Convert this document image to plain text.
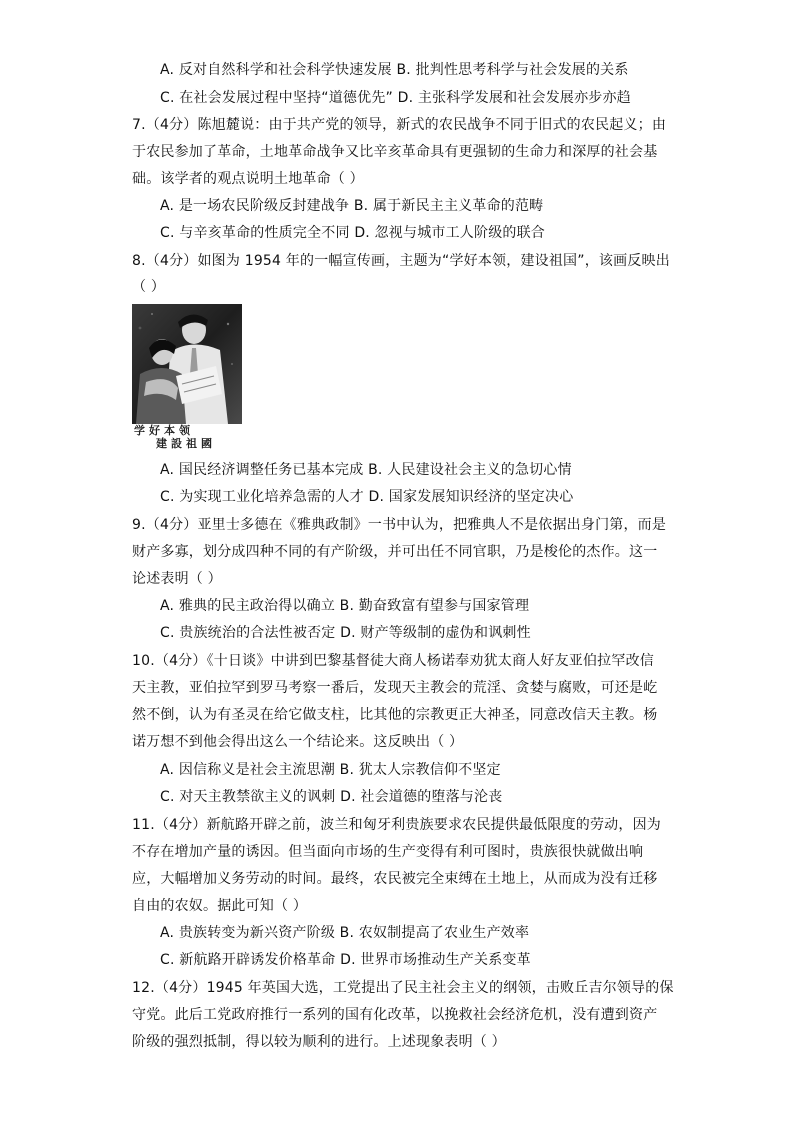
A. 反对自然科学和社会科学快速发展 B. 批判性思考科学与社会发展的关系
C. 在社会发展过程中坚持“道德优先” D. 主张科学发展和社会发展亦步亦趋
7.（4分）陈旭麓说：由于共产党的领导，新式的农民战争不同于旧式的农民起义；由
于农民参加了革命，土地革命战争又比辛亥革命具有更强韧的生命力和深厚的社会基
础。该学者的观点说明土地革命（ ）
A. 是一场农民阶级反封建战争 B. 属于新民主主义革命的范畴
C. 与辛亥革命的性质完全不同 D. 忽视与城市工人阶级的联合
8.（4分）如图为 1954 年的一幅宣传画，主题为“学好本领，建设祖国”，该画反映出
（ ）
学好本领
建設祖國
A. 国民经济调整任务已基本完成 B. 人民建设社会主义的急切心情
C. 为实现工业化培养急需的人才 D. 国家发展知识经济的坚定决心
9.（4分）亚里士多德在《雅典政制》一书中认为，把雅典人不是依据出身门第，而是
财产多寡，划分成四种不同的有产阶级，并可出任不同官职，乃是梭伦的杰作。这一
论述表明（ ）
A. 雅典的民主政治得以确立 B. 勤奋致富有望参与国家管理
C. 贵族统治的合法性被否定 D. 财产等级制的虚伪和讽刺性
10.（4分）《十日谈》中讲到巴黎基督徒大商人杨诺奉劝犹太商人好友亚伯拉罕改信
天主教，亚伯拉罕到罗马考察一番后，发现天主教会的荒淫、贪婪与腐败，可还是屹
然不倒，认为有圣灵在给它做支柱，比其他的宗教更正大神圣，同意改信天主教。杨
诺万想不到他会得出这么一个结论来。这反映出（ ）
A. 因信称义是社会主流思潮 B. 犹太人宗教信仰不坚定
C. 对天主教禁欲主义的讽刺 D. 社会道德的堕落与沦丧
11.（4分）新航路开辟之前，波兰和匈牙利贵族要求农民提供最低限度的劳动，因为
不存在增加产量的诱因。但当面向市场的生产变得有利可图时，贵族很快就做出响
应，大幅增加义务劳动的时间。最终，农民被完全束缚在土地上，从而成为没有迁移
自由的农奴。据此可知（ ）
A. 贵族转变为新兴资产阶级 B. 农奴制提高了农业生产效率
C. 新航路开辟诱发价格革命 D. 世界市场推动生产关系变革
12.（4分）1945 年英国大选，工党提出了民主社会主义的纲领，击败丘吉尔领导的保
守党。此后工党政府推行一系列的国有化改革，以挽救社会经济危机，没有遭到资产
阶级的强烈抵制，得以较为顺利的进行。上述现象表明（ ）
